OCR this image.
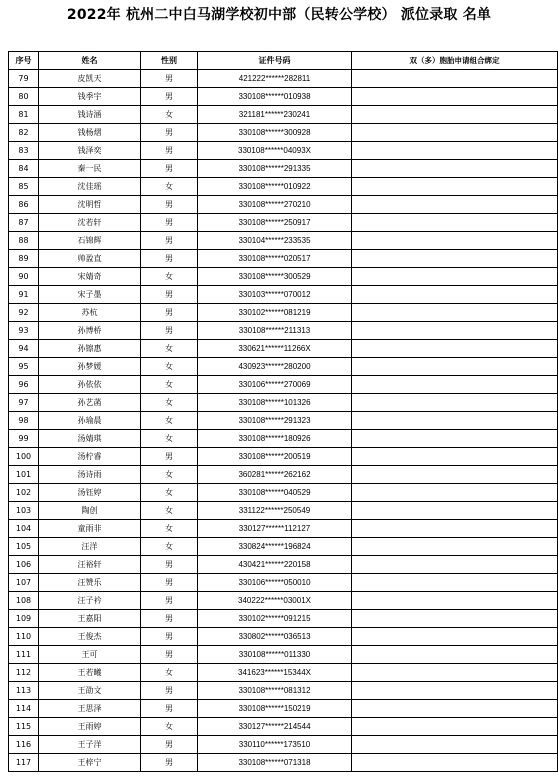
2022年 杭州二中白马湖学校初中部（民转公学校） 派位录取 名单
序号	姓名	性别	证件号码	双（多）胞胎申请组合绑定
79	皮凯天	男	421222******282811	
80	钱季宇	男	330108******010938	
81	钱诗涵	女	321181******230241	
82	钱杨熠	男	330108******300928	
83	钱泽奕	男	330108******04093X	
84	秦一民	男	330108******291335	
85	沈佳瑶	女	330108******010922	
86	沈明哲	男	330108******270210	
87	沈若轩	男	330108******250917	
88	石锦辉	男	330104******233535	
89	帅盈直	男	330108******020517	
90	宋婧奇	女	330108******300529	
91	宋子墨	男	330103******070012	
92	苏杭	男	330102******081219	
93	孙博桥	男	330108******211313	
94	孙镲惠	女	330621******11266X	
95	孙梦媛	女	430923******280200	
96	孙依依	女	330106******270069	
97	孙艺菡	女	330108******101326	
98	孙瑜晨	女	330108******291323	
99	汤婧琪	女	330108******180926	
100	汤柠睿	男	330108******200519	
101	汤诗雨	女	360281******262162	
102	汤钰婷	女	330108******040529	
103	陶创	女	331122******250549	
104	童雨非	女	330127******112127	
105	汪洋	女	330824******196824	
106	汪裕轩	男	430421******220158	
107	汪赞乐	男	330106******050010	
108	汪子衿	男	340222******03001X	
109	王嘉阳	男	330102******091215	
110	王俊杰	男	330802******036513	
111	王可	男	330108******011330	
112	王若曦	女	341623******15344X	
113	王劭文	男	330108******081312	
114	王思泽	男	330108******150219	
115	王雨婷	女	330127******214544	
116	王子洋	男	330110******173510	
117	王梓宁	男	330108******071318	
